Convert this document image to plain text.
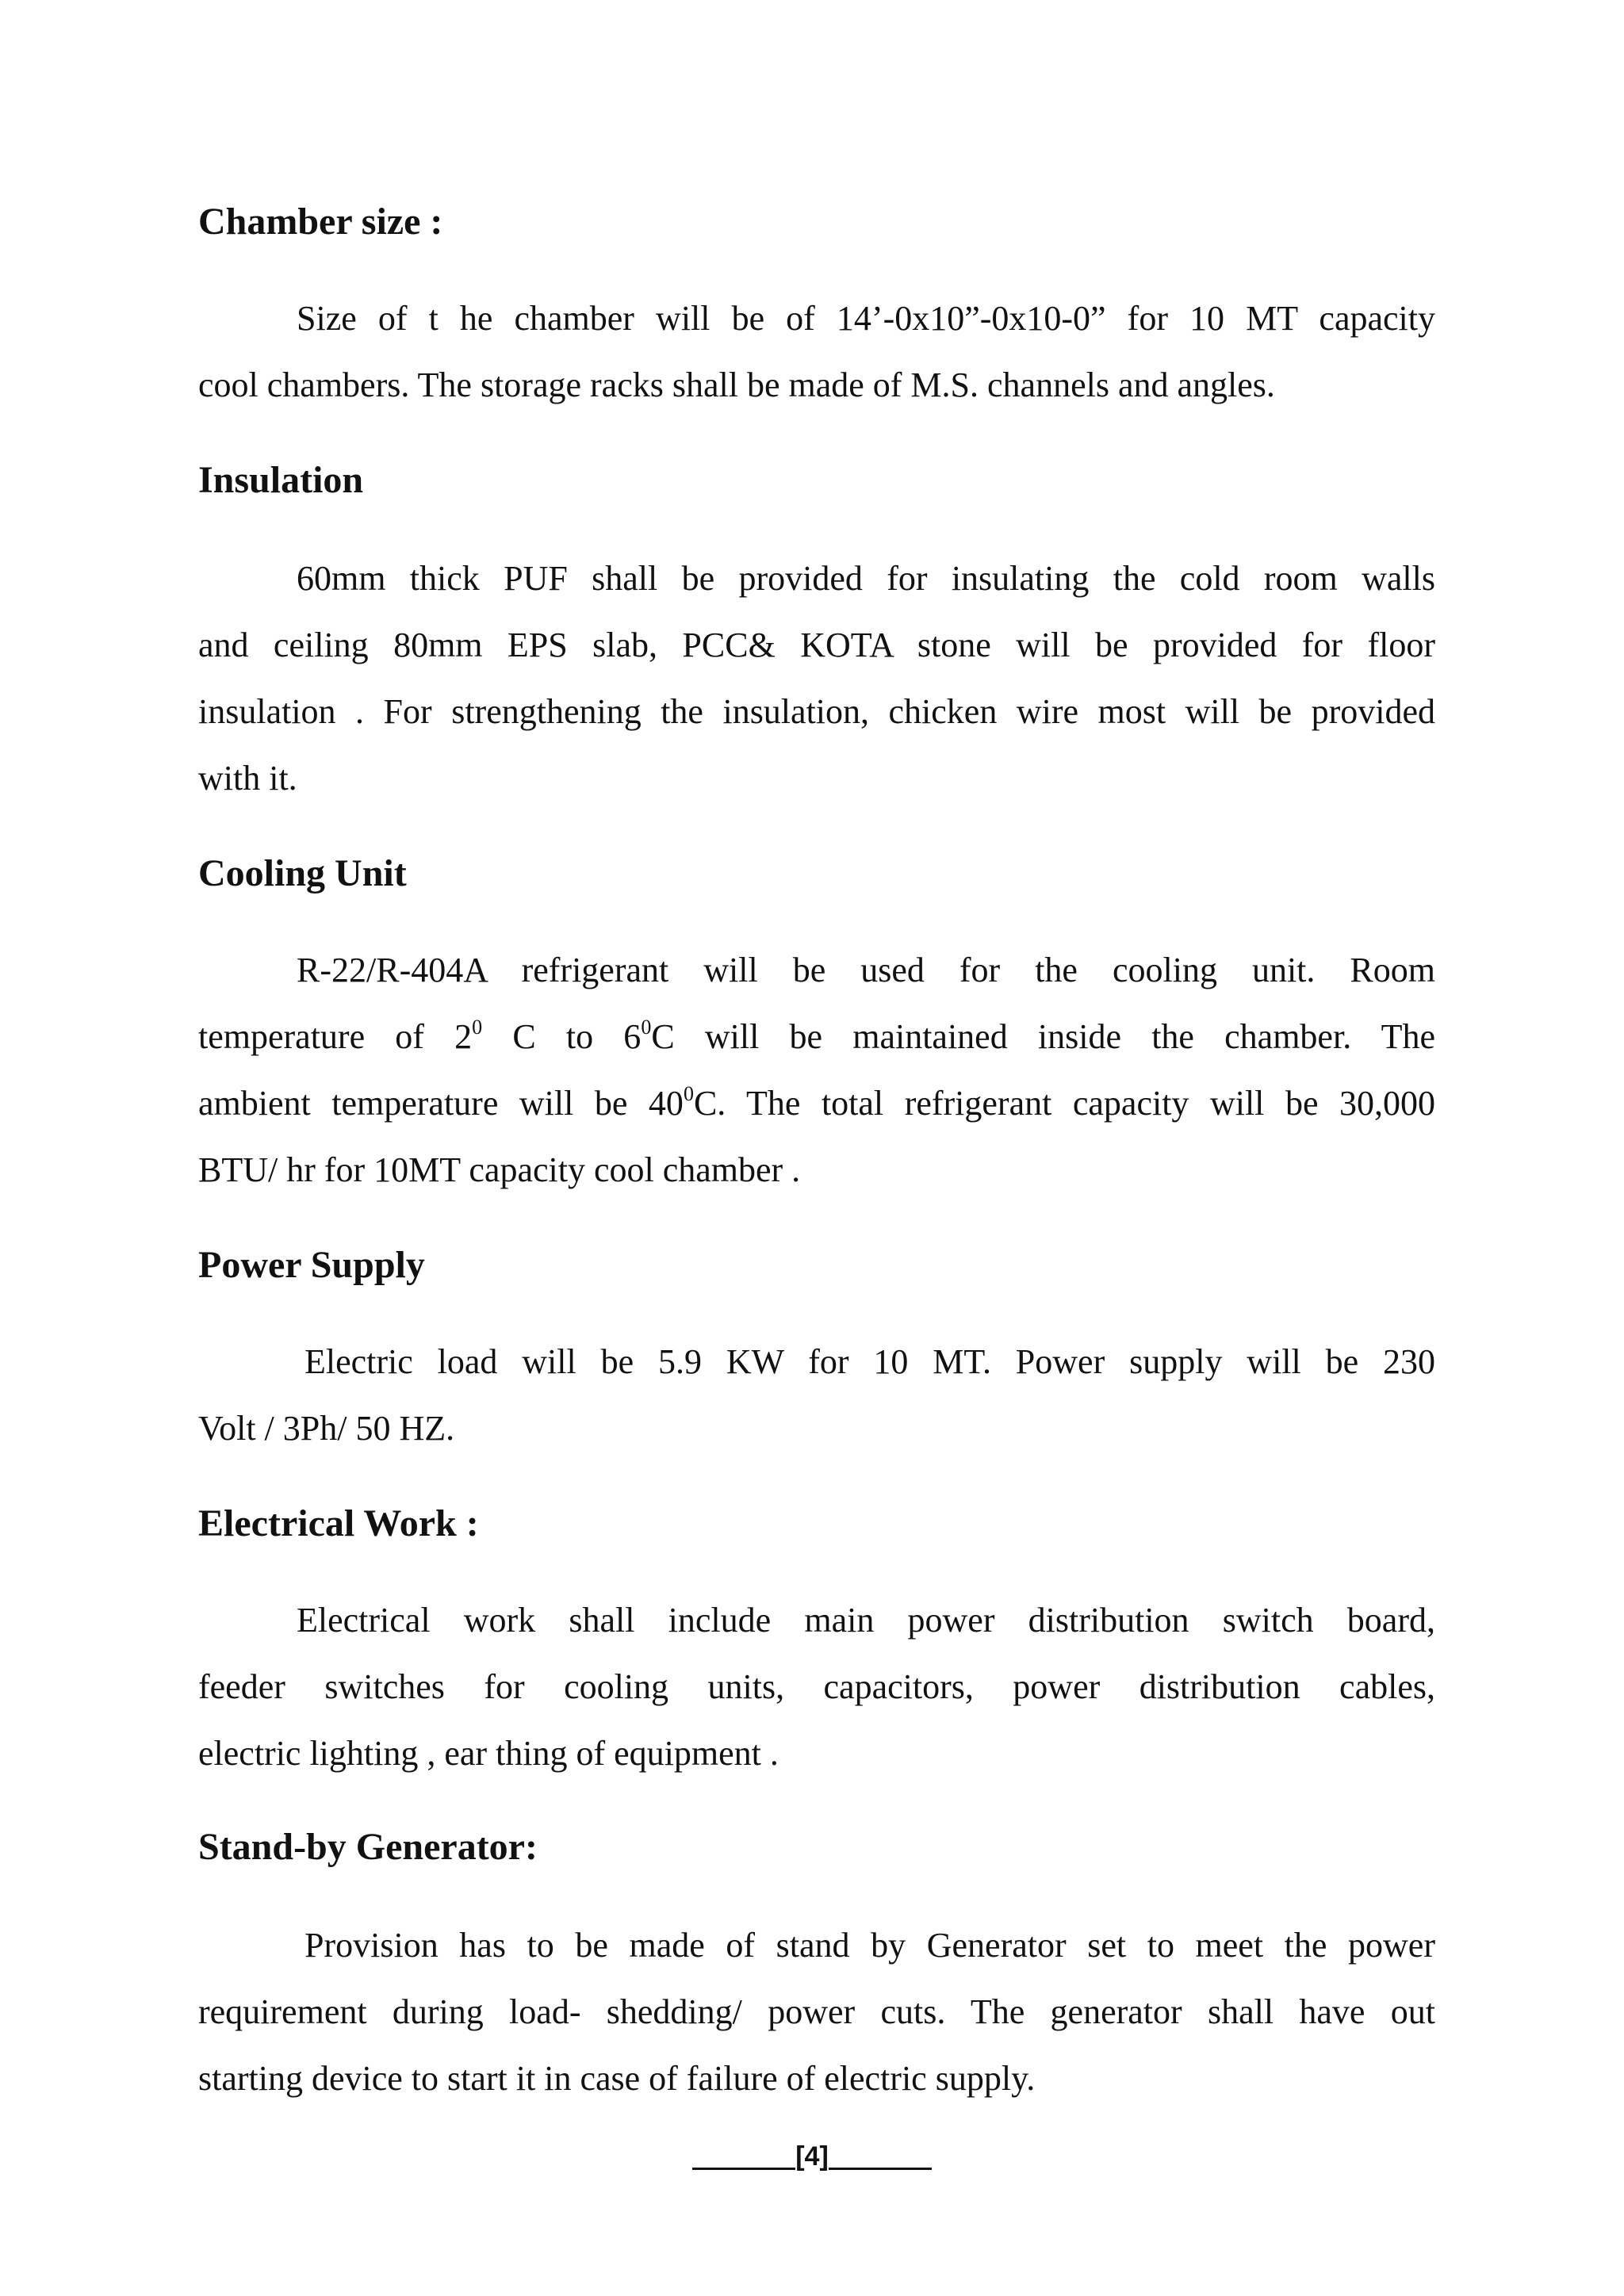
Chamber size :

Size of t he chamber will be of 14’-0x10”-0x10-0” for 10 MT capacity
cool chambers. The storage racks shall be made of M.S. channels and angles.

Insulation

60mm thick PUF shall be provided for insulating the cold room walls
and ceiling 80mm EPS slab, PCC& KOTA stone will be provided for floor
insulation . For strengthening the insulation, chicken wire most will be provided
with it.

Cooling Unit

R-22/R-404A refrigerant will be used for the cooling unit. Room
temperature of $2^0$ C to $6^0C$ will be maintained inside the chamber. The
ambient temperature will be $40^0C$. The total refrigerant capacity will be 30,000
BTU/ hr for 10MT capacity cool chamber .

Power Supply

Electric load will be 5.9 KW for 10 MT. Power supply will be 230
Volt / 3Ph/ 50 HZ.

Electrical Work :

Electrical work shall include main power distribution switch board,
feeder switches for cooling units, capacitors, power distribution cables,
electric lighting , ear thing of equipment .

Stand-by Generator:

Provision has to be made of stand by Generator set to meet the power
requirement during load- shedding/ power cuts. The generator shall have out
starting device to start it in case of failure of electric supply.

[4]
